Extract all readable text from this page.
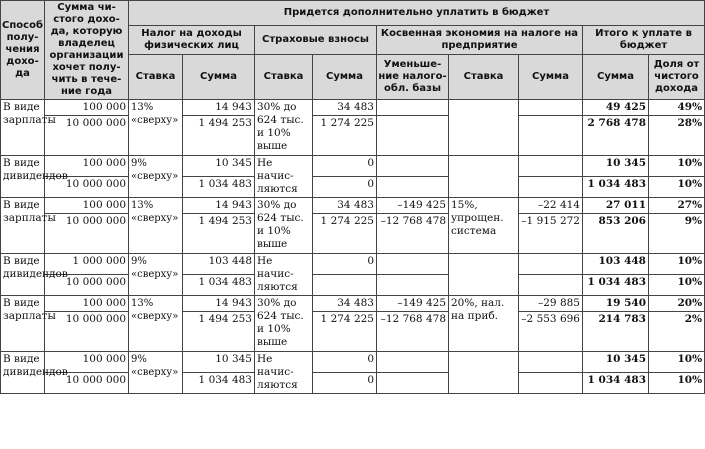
Способ получения дохода	Сумма чистого дохода, которую владелец организации хочет получить в течение года	Придется дополнительно уплатить в бюджет								
		Налог на доходы физических лиц		Страховые взносы		Косвенная экономия на налоге на предприятие			Итого к уплате в бюджет	
		Ставка	Сумма	Ставка	Сумма	Уменьшение налогообл. базы	Ставка	Сумма	Сумма	Доля от чистого дохода
В виде зарплаты	100 000	13% «сверху»	14 943	30% до 624 тыс. и 10% выше	34 483				49 425	49%
	10 000 000		1 494 253		1 274 225				2 768 478	28%
В виде дивидендов	100 000	9% «сверху»	10 345	Не начисляются	0				10 345	10%
	10 000 000		1 034 483		0				1 034 483	10%
В виде зарплаты	100 000	13% «сверху»	14 943	30% до 624 тыс. и 10% выше	34 483	–149 425	15%, упрощен. система	–22 414	27 011	27%
	10 000 000		1 494 253		1 274 225	–12 768 478		–1 915 272	853 206	9%
В виде дивидендов	1 000 000	9% «сверху»	103 448	Не начисляются	0				103 448	10%
	10 000 000		1 034 483						1 034 483	10%
В виде зарплаты	100 000	13% «сверху»	14 943	30% до 624 тыс. и 10% выше	34 483	–149 425	20%, нал. на приб.	–29 885	19 540	20%
	10 000 000		1 494 253		1 274 225	–12 768 478		–2 553 696	214 783	2%
В виде дивидендов	100 000	9% «сверху»	10 345	Не начисляются	0				10 345	10%
	10 000 000		1 034 483		0				1 034 483	10%
